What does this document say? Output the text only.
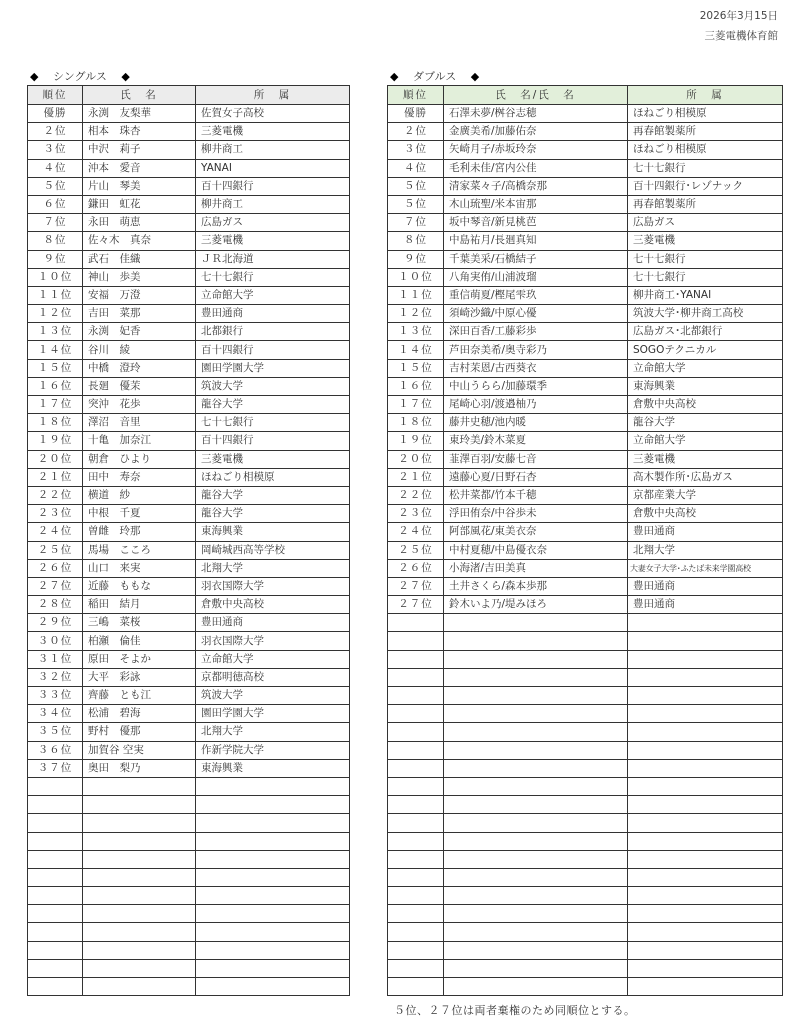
2026年3月15日
三菱電機体育館
◆　 シングルス　 ◆	◆　 ダブルス　 ◆
順位	氏　名	所　属
優勝	永渕　友梨華	佐賀女子高校
２位	相本　珠杏	三菱電機
３位	中沢　莉子	柳井商工
４位	沖本　愛音	YANAI
５位	片山　琴美	百十四銀行
６位	鎌田　虹花	柳井商工
７位	永田　萌恵	広島ガス
８位	佐々木　真奈	三菱電機
９位	武石　佳織	ＪＲ北海道
１０位	神山　歩美	七十七銀行
１１位	安福　万澄	立命館大学
１２位	吉田　菜那	豊田通商
１３位	永渕　妃香	北都銀行
１４位	谷川　綾	百十四銀行
１５位	中橋　澄玲	園田学園大学
１６位	長廻　優茉	筑波大学
１７位	突沖　花歩	龍谷大学
１８位	澤沼　音里	七十七銀行
１９位	十亀　加奈江	百十四銀行
２０位	朝倉　ひより	三菱電機
２１位	田中　寿奈	ほねごり相模原
２２位	横道　紗	龍谷大学
２３位	中根　千夏	龍谷大学
２４位	曽雌　玲那	東海興業
２５位	馬場　こころ	岡崎城西高等学校
２６位	山口　来実	北翔大学
２７位	近藤　ももな	羽衣国際大学
２８位	稲田　結月	倉敷中央高校
２９位	三嶋　菜桜	豊田通商
３０位	柏瀬　倫佳	羽衣国際大学
３１位	原田　そよか	立命館大学
３２位	大平　彩詠	京都明徳高校
３３位	齊藤　とも江	筑波大学
３４位	松浦　碧海	園田学園大学
３５位	野村　優那	北翔大学
３６位	加賀谷 空実	作新学院大学
３７位	奥田　梨乃	東海興業

順位	氏　名/氏　名	所　属
優勝	石澤未夢/桝谷志穂	ほねごり相模原
２位	金廣美希/加藤佑奈	再春館製薬所
３位	矢崎月子/赤坂玲奈	ほねごり相模原
４位	毛利未佳/宮内公佳	七十七銀行
５位	清家菜々子/高橋奈那	百十四銀行･レゾナック
５位	木山琉聖/米本宙那	再春館製薬所
７位	坂中琴音/新見桃芭	広島ガス
８位	中島祐月/長廻真知	三菱電機
９位	千葉美采/石橋結子	七十七銀行
１０位	八角実侑/山浦波瑠	七十七銀行
１１位	重信萌夏/樫尾雫玖	柳井商工･YANAI
１２位	須崎沙織/中原心優	筑波大学･柳井商工高校
１３位	深田百香/工藤彩歩	広島ガス･北都銀行
１４位	芦田奈美希/奥寺彩乃	SOGOテクニカル
１５位	吉村茉恩/古西葵衣	立命館大学
１６位	中山うらら/加藤環季	東海興業
１７位	尾崎心羽/渡邉柚乃	倉敷中央高校
１８位	藤井史穂/池内暖	龍谷大学
１９位	東玲美/鈴木菜夏	立命館大学
２０位	韮澤百羽/安藤七音	三菱電機
２１位	遠藤心夏/日野石杏	高木製作所･広島ガス
２２位	松井菜都/竹本千穂	京都産業大学
２３位	浮田侑奈/中谷歩未	倉敷中央高校
２４位	阿部風花/東美衣奈	豊田通商
２５位	中村夏穂/中島優衣奈	北翔大学
２６位	小海渚/吉田美真	大妻女子大学･ふたば未来学園高校
２７位	土井さくら/森本歩那	豊田通商
２７位	鈴木いよ乃/堤みほろ	豊田通商

５位、２７位は両者棄権のため同順位とする。
